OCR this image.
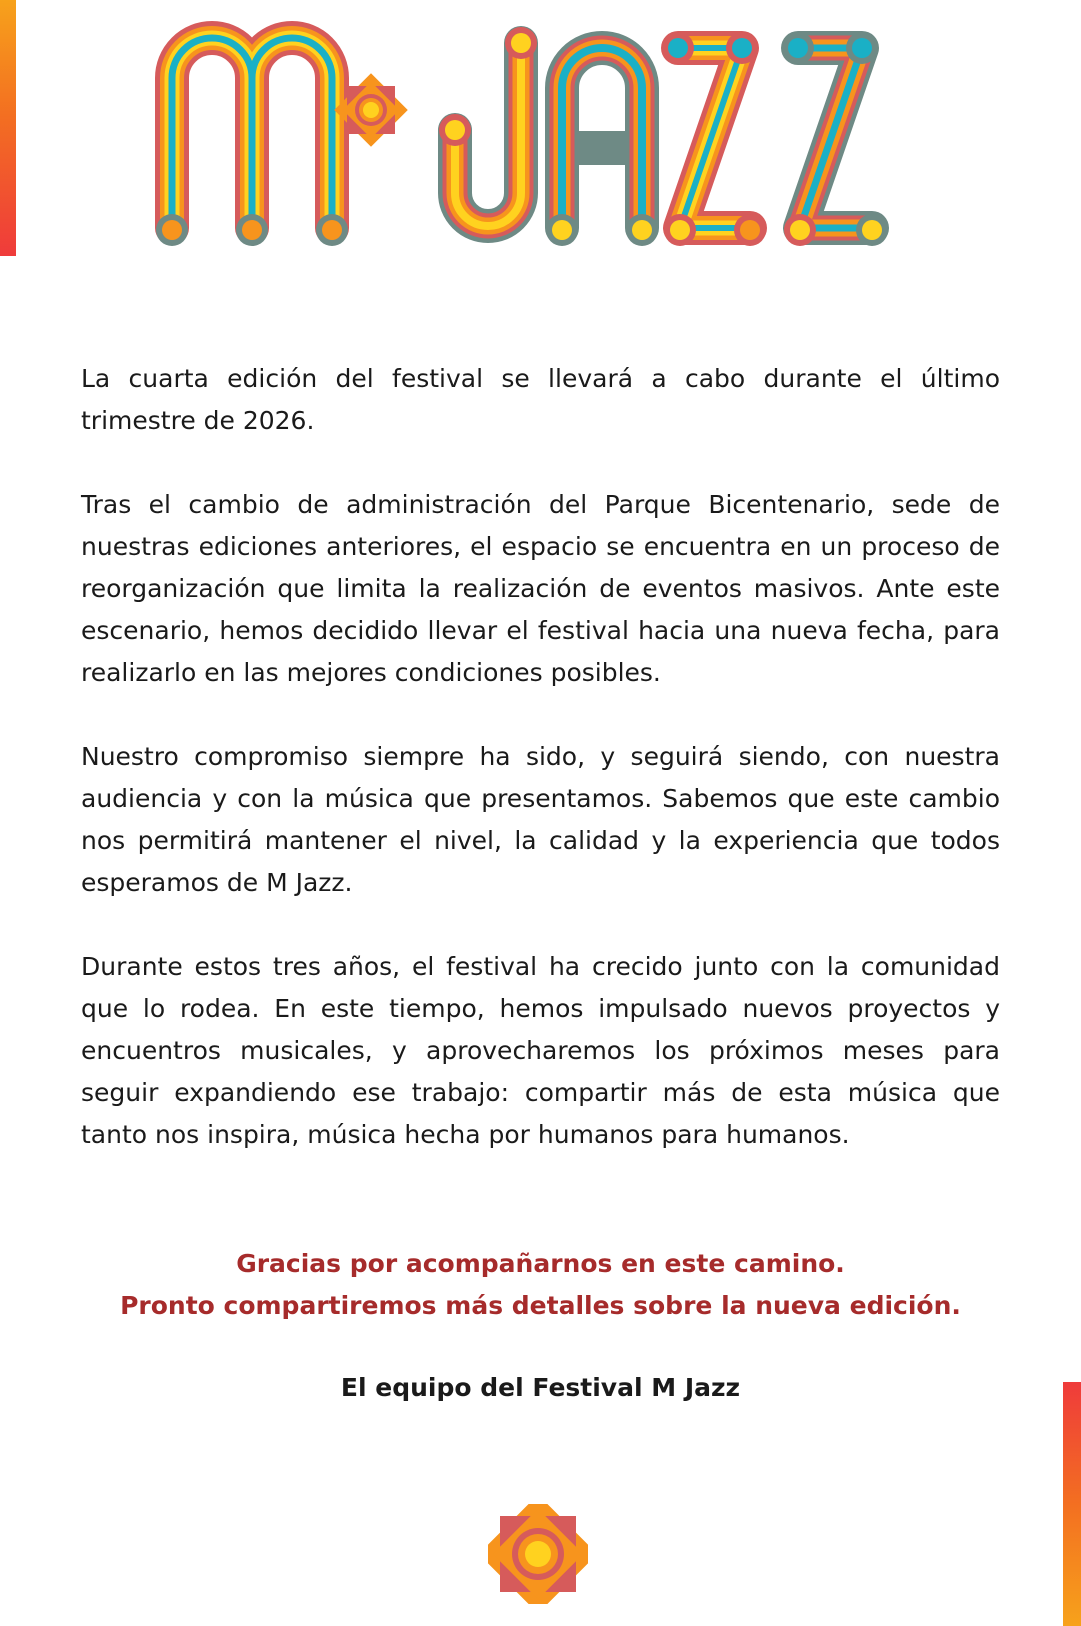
La cuarta edición del festival se llevará a cabo durante el último trimestre de 2026.

Tras el cambio de administración del Parque Bicentenario, sede de nuestras ediciones anteriores, el espacio se encuentra en un proceso de reorganización que limita la realización de eventos masivos. Ante este escenario, hemos decidido llevar el festival hacia una nueva fecha, para realizarlo en las mejores condiciones posibles.

Nuestro compromiso siempre ha sido, y seguirá siendo, con nuestra audiencia y con la música que presentamos. Sabemos que este cambio nos permitirá mantener el nivel, la calidad y la experiencia que todos esperamos de M Jazz.

Durante estos tres años, el festival ha crecido junto con la comunidad que lo rodea. En este tiempo, hemos impulsado nuevos proyectos y encuentros musicales, y aprovecharemos los próximos meses para seguir expandiendo ese trabajo: compartir más de esta música que tanto nos inspira, música hecha por humanos para humanos.

Gracias por acompañarnos en este camino.
Pronto compartiremos más detalles sobre la nueva edición.
El equipo del Festival M Jazz
